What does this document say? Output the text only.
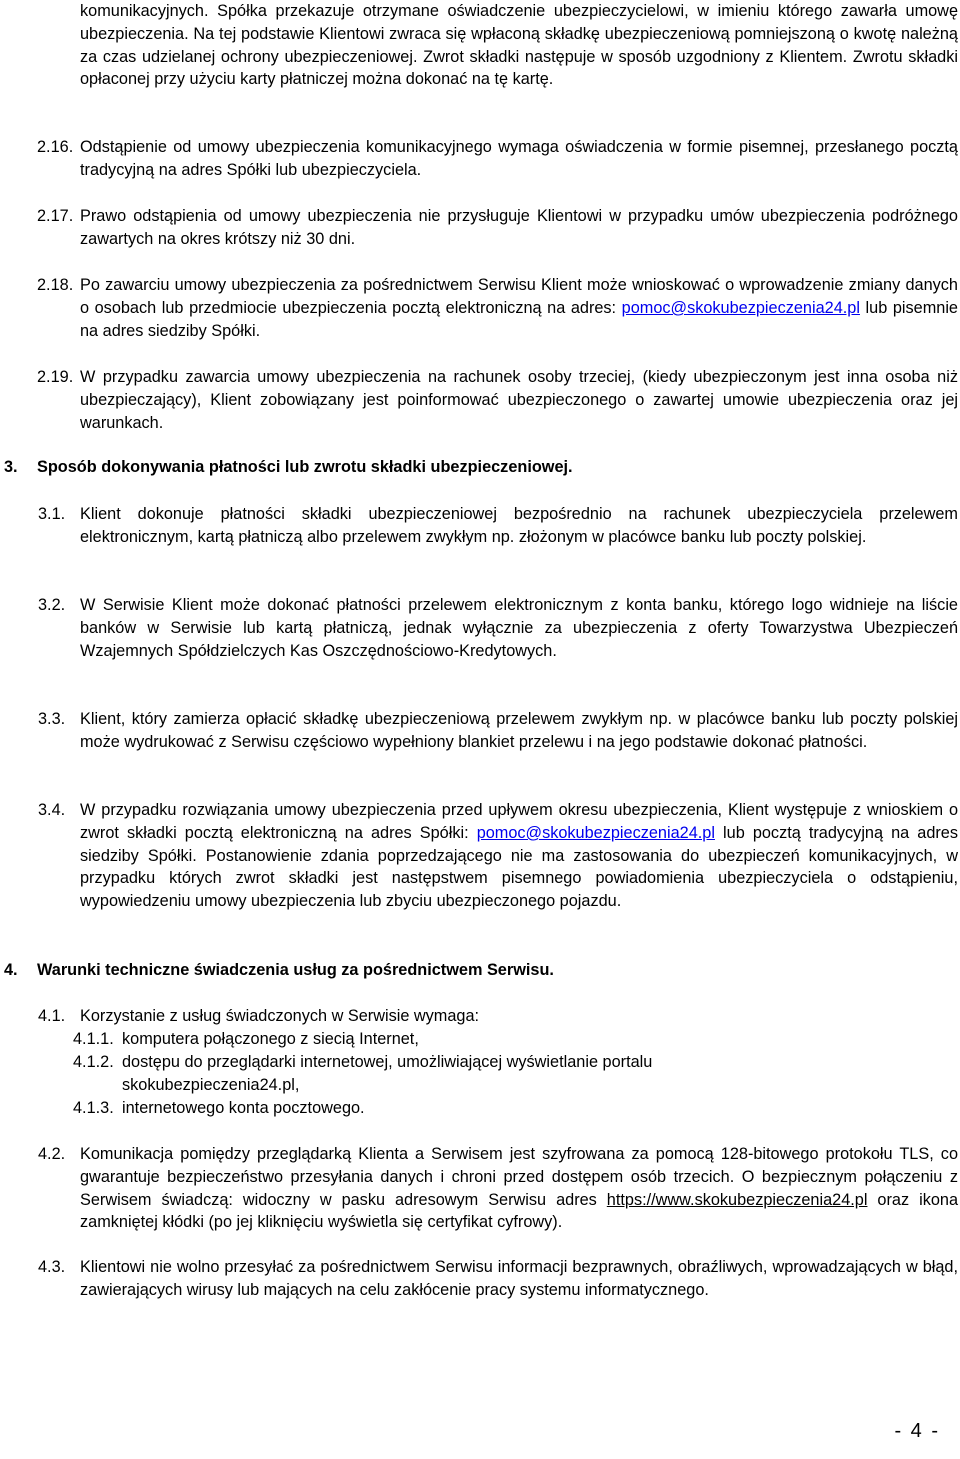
komunikacyjnych. Spółka przekazuje otrzymane oświadczenie ubezpieczycielowi, w imieniu którego zawarła umowę ubezpieczenia. Na tej podstawie Klientowi zwraca się wpłaconą składkę ubezpieczeniową pomniejszoną o kwotę należną za czas udzielanej ochrony ubezpieczeniowej. Zwrot składki następuje w sposób uzgodniony z Klientem. Zwrotu składki opłaconej przy użyciu karty płatniczej można dokonać na tę kartę.

2.16. Odstąpienie od umowy ubezpieczenia komunikacyjnego wymaga oświadczenia w formie pisemnej, przesłanego pocztą tradycyjną na adres Spółki lub ubezpieczyciela.
2.17. Prawo odstąpienia od umowy ubezpieczenia nie przysługuje Klientowi w przypadku umów ubezpieczenia podróżnego zawartych na okres krótszy niż 30 dni.
2.18. Po zawarciu umowy ubezpieczenia za pośrednictwem Serwisu Klient może wnioskować o wprowadzenie zmiany danych o osobach lub przedmiocie ubezpieczenia pocztą elektroniczną na adres: pomoc@skokubezpieczenia24.pl lub pisemnie na adres siedziby Spółki.
2.19. W przypadku zawarcia umowy ubezpieczenia na rachunek osoby trzeciej, (kiedy ubezpieczonym jest inna osoba niż ubezpieczający), Klient zobowiązany jest poinformować ubezpieczonego o zawartej umowie ubezpieczenia oraz jej warunkach.
3. Sposób dokonywania płatności lub zwrotu składki ubezpieczeniowej.
3.1. Klient dokonuje płatności składki ubezpieczeniowej bezpośrednio na rachunek ubezpieczyciela przelewem elektronicznym, kartą płatniczą albo przelewem zwykłym np. złożonym w placówce banku lub poczty polskiej.
3.2. W Serwisie Klient może dokonać płatności przelewem elektronicznym z konta banku, którego logo widnieje na liście banków w Serwisie lub kartą płatniczą, jednak wyłącznie za ubezpieczenia z oferty Towarzystwa Ubezpieczeń Wzajemnych Spółdzielczych Kas Oszczędnościowo-Kredytowych.
3.3. Klient, który zamierza opłacić składkę ubezpieczeniową przelewem zwykłym np. w placówce banku lub poczty polskiej może wydrukować z Serwisu częściowo wypełniony blankiet przelewu i na jego podstawie dokonać płatności.
3.4. W przypadku rozwiązania umowy ubezpieczenia przed upływem okresu ubezpieczenia, Klient występuje z wnioskiem o zwrot składki pocztą elektroniczną na adres Spółki: pomoc@skokubezpieczenia24.pl lub pocztą tradycyjną na adres siedziby Spółki. Postanowienie zdania poprzedzającego nie ma zastosowania do ubezpieczeń komunikacyjnych, w przypadku których zwrot składki jest następstwem pisemnego powiadomienia ubezpieczyciela o odstąpieniu, wypowiedzeniu umowy ubezpieczenia lub zbyciu ubezpieczonego pojazdu.
4. Warunki techniczne świadczenia usług za pośrednictwem Serwisu.
4.1. Korzystanie z usług świadczonych w Serwisie wymaga:
4.1.1. komputera połączonego z siecią Internet,
4.1.2. dostępu do przeglądarki internetowej, umożliwiającej wyświetlanie portalu skokubezpieczenia24.pl,
4.1.3. internetowego konta pocztowego.
4.2. Komunikacja pomiędzy przeglądarką Klienta a Serwisem jest szyfrowana za pomocą 128-bitowego protokołu TLS, co gwarantuje bezpieczeństwo przesyłania danych i chroni przed dostępem osób trzecich. O bezpiecznym połączeniu z Serwisem świadczą: widoczny w pasku adresowym Serwisu adres https://www.skokubezpieczenia24.pl oraz ikona zamkniętej kłódki (po jej kliknięciu wyświetla się certyfikat cyfrowy).
4.3. Klientowi nie wolno przesyłać za pośrednictwem Serwisu informacji bezprawnych, obraźliwych, wprowadzających w błąd, zawierających wirusy lub mających na celu zakłócenie pracy systemu informatycznego.
- 4 -
